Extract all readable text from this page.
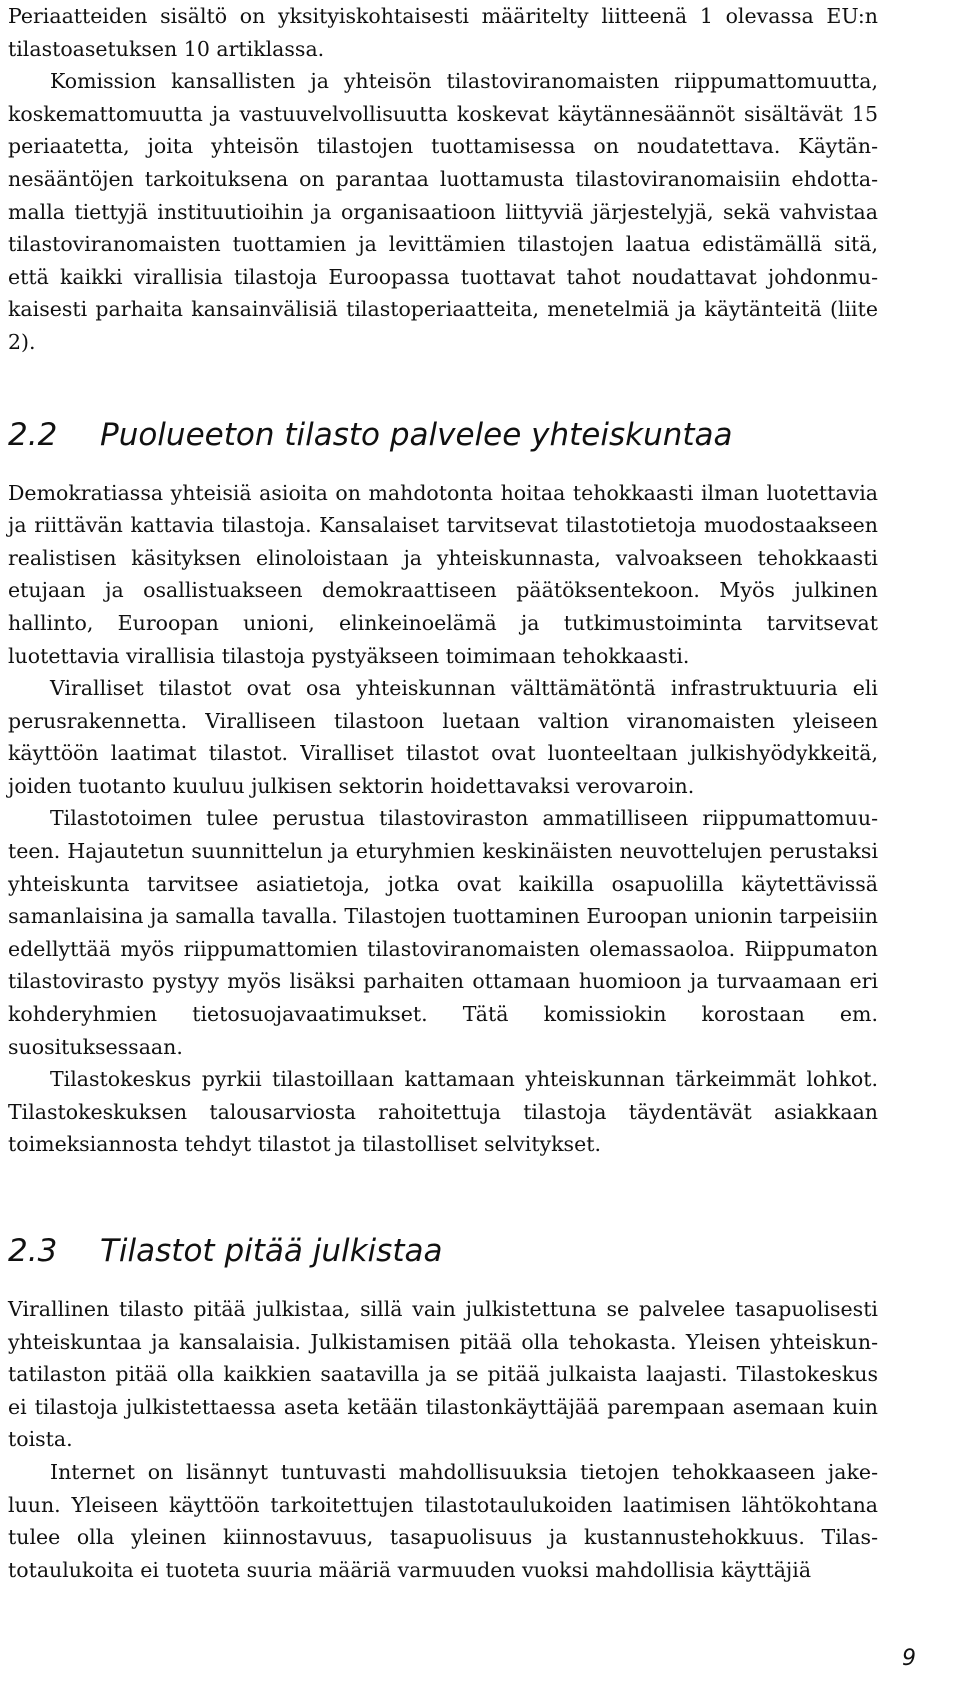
Periaatteiden sisältö on yksityiskohtaisesti määritelty liitteenä 1 olevassa EU:n tilastoasetuksen 10 artiklassa.

Komission kansallisten ja yhteisön tilastoviranomaisten riippumattomuutta, koskemattomuutta ja vastuuvelvollisuutta koskevat käytännesäännöt sisältävät 15 periaatetta, joita yhteisön tilastojen tuottamisessa on noudatettava. Käytännesääntöjen tarkoituksena on parantaa luottamusta tilastoviranomaisiin ehdottamalla tiettyjä instituutioihin ja organisaatioon liittyviä järjestelyjä, sekä vahvistaa tilastoviranomaisten tuottamien ja levittämien tilastojen laatua edistämällä sitä, että kaikki virallisia tilastoja Euroopassa tuottavat tahot noudattavat johdonmukaisesti parhaita kansainvälisiä tilastoperiaatteita, menetelmiä ja käytänteitä (liite 2).

2.2	Puolueeton tilasto palvelee yhteiskuntaa

Demokratiassa yhteisiä asioita on mahdotonta hoitaa tehokkaasti ilman luotettavia ja riittävän kattavia tilastoja. Kansalaiset tarvitsevat tilastotietoja muodostaakseen realistisen käsityksen elinoloistaan ja yhteiskunnasta, valvoakseen tehokkaasti etujaan ja osallistuakseen demokraattiseen päätöksentekoon. Myös julkinen hallinto, Euroopan unioni, elinkeinoelämä ja tutkimustoiminta tarvitsevat luotettavia virallisia tilastoja pystyäkseen toimimaan tehokkaasti.

Viralliset tilastot ovat osa yhteiskunnan välttämätöntä infrastruktuuria eli perusrakennetta. Viralliseen tilastoon luetaan valtion viranomaisten yleiseen käyttöön laatimat tilastot. Viralliset tilastot ovat luonteeltaan julkishyödykkeitä, joiden tuotanto kuuluu julkisen sektorin hoidettavaksi verovaroin.

Tilastotoimen tulee perustua tilastoviraston ammatilliseen riippumattomuuteen. Hajautetun suunnittelun ja eturyhmien keskinäisten neuvottelujen perustaksi yhteiskunta tarvitsee asiatietoja, jotka ovat kaikilla osapuolilla käytettävissä samanlaisina ja samalla tavalla. Tilastojen tuottaminen Euroopan unionin tarpeisiin edellyttää myös riippumattomien tilastoviranomaisten olemassaoloa. Riippumaton tilastovirasto pystyy myös lisäksi parhaiten ottamaan huomioon ja turvaamaan eri kohderyhmien tietosuojavaatimukset. Tätä komissiokin korostaan em. suosituksessaan.

Tilastokeskus pyrkii tilastoillaan kattamaan yhteiskunnan tärkeimmät lohkot. Tilastokeskuksen talousarviosta rahoitettuja tilastoja täydentävät asiakkaan toimeksiannosta tehdyt tilastot ja tilastolliset selvitykset.

2.3	Tilastot pitää julkistaa

Virallinen tilasto pitää julkistaa, sillä vain julkistettuna se palvelee tasapuolisesti yhteiskuntaa ja kansalaisia. Julkistamisen pitää olla tehokasta. Yleisen yhteiskuntatilaston pitää olla kaikkien saatavilla ja se pitää julkaista laajasti. Tilastokeskus ei tilastoja julkistettaessa aseta ketään tilastonkäyttäjää parempaan asemaan kuin toista.

Internet on lisännyt tuntuvasti mahdollisuuksia tietojen tehokkaaseen jakeluun. Yleiseen käyttöön tarkoitettujen tilastotaulukoiden laatimisen lähtökohtana tulee olla yleinen kiinnostavuus, tasapuolisuus ja kustannustehokkuus. Tilastotaulukoita ei tuoteta suuria määriä varmuuden vuoksi mahdollisia käyttäjiä

9
